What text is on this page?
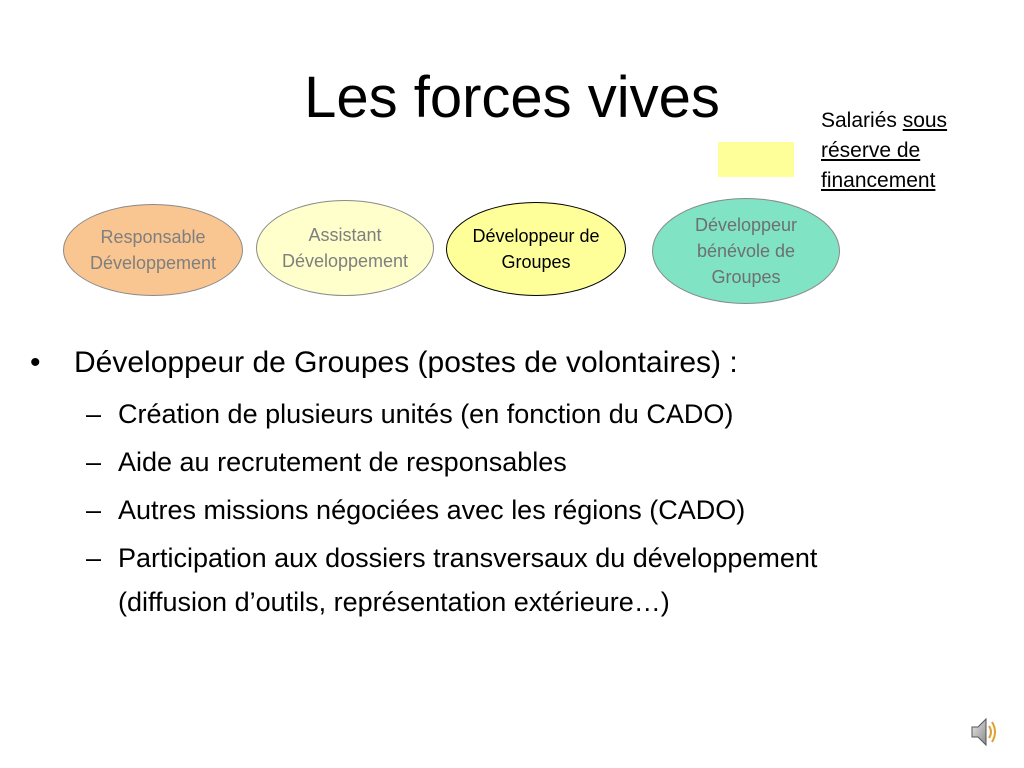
Les forces vives	Salariés sous
réserve de
financement
Responsable
Développement
Assistant
Développement
Développeur de
Groupes
Développeur
bénévole de
Groupes
• Développeur de Groupes (postes de volontaires) :
– Création de plusieurs unités (en fonction du CADO)
– Aide au recrutement de responsables
– Autres missions négociées avec les régions (CADO)
– Participation aux dossiers transversaux du développement (diffusion d’outils, représentation extérieure…)
